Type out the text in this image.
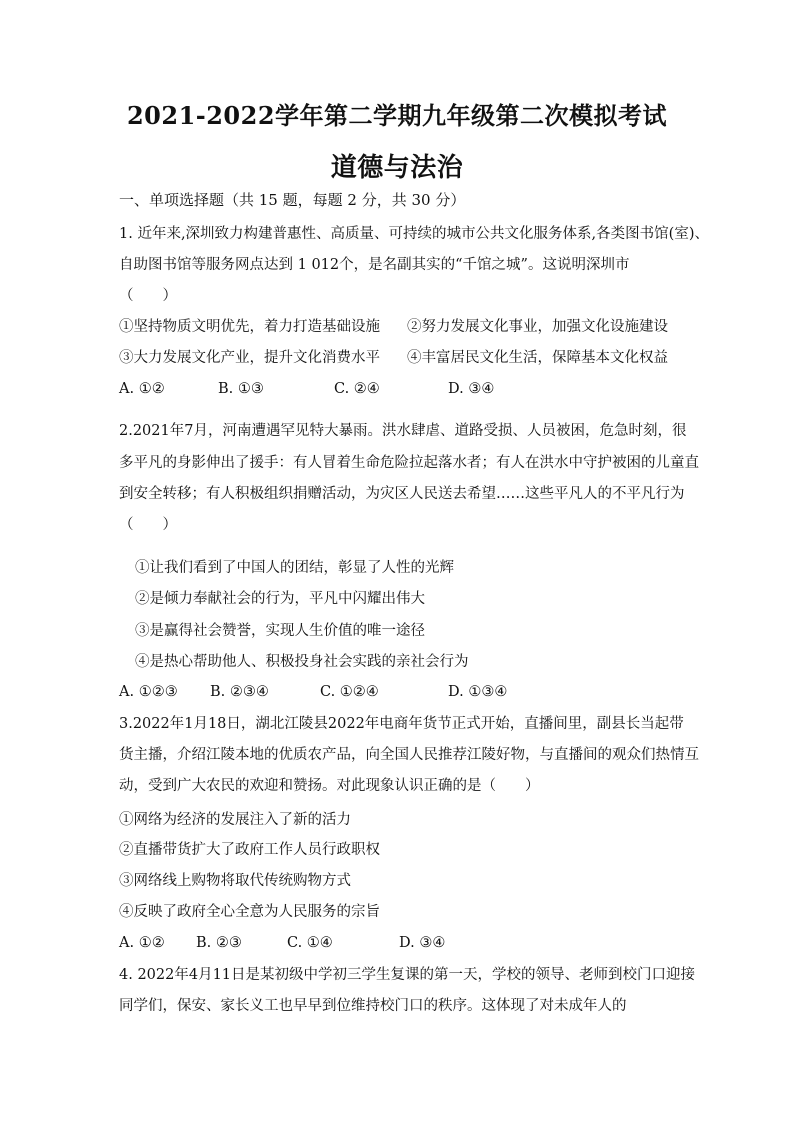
2021-2022学年第二学期九年级第二次模拟考试
道德与法治
一、单项选择题（共 15 题，每题 2 分，共 30 分）
1. 近年来,深圳致力构建普惠性、高质量、可持续的城市公共文化服务体系,各类图书馆(室)、
自助图书馆等服务网点达到 1 012个，是名副其实的“千馆之城”。这说明深圳市
（　　）
①坚持物质文明优先，着力打造基础设施 ②努力发展文化事业，加强文化设施建设
③大力发展文化产业，提升文化消费水平 ④丰富居民文化生活，保障基本文化权益
A. ①②	B. ①③	C. ②④	D. ③④
2.2021年7月，河南遭遇罕见特大暴雨。洪水肆虐、道路受损、人员被困，危急时刻，很
多平凡的身影伸出了援手：有人冒着生命危险拉起落水者；有人在洪水中守护被困的儿童直
到安全转移；有人积极组织捐赠活动，为灾区人民送去希望……这些平凡人的不平凡行为
（　　）
①让我们看到了中国人的团结，彰显了人性的光辉
②是倾力奉献社会的行为，平凡中闪耀出伟大
③是赢得社会赞誉，实现人生价值的唯一途径
④是热心帮助他人、积极投身社会实践的亲社会行为
A. ①②③ B. ②③④	C. ①②④	D. ①③④
3.2022年1月18日，湖北江陵县2022年电商年货节正式开始，直播间里，副县长当起带
货主播，介绍江陵本地的优质农产品，向全国人民推荐江陵好物，与直播间的观众们热情互
动，受到广大农民的欢迎和赞扬。对此现象认识正确的是（　　）
①网络为经济的发展注入了新的活力
②直播带货扩大了政府工作人员行政职权
③网络线上购物将取代传统购物方式
④反映了政府全心全意为人民服务的宗旨
A. ①② B. ②③	C. ①④	D. ③④
4. 2022年4月11日是某初级中学初三学生复课的第一天，学校的领导、老师到校门口迎接
同学们，保安、家长义工也早早到位维持校门口的秩序。这体现了对未成年人的
